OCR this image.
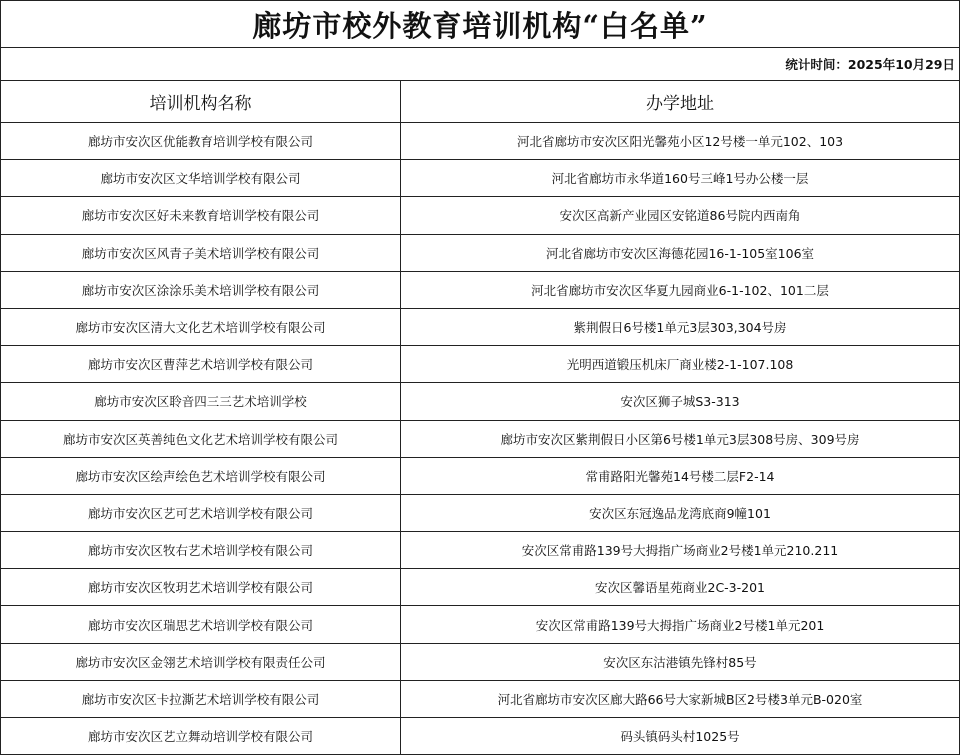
廊坊市校外教育培训机构“白名单”	
统计时间：2025年10月29日	
培训机构名称	办学地址
廊坊市安次区优能教育培训学校有限公司	河北省廊坊市安次区阳光馨苑小区12号楼一单元102、103
廊坊市安次区文华培训学校有限公司	河北省廊坊市永华道160号三峰1号办公楼一层
廊坊市安次区好未来教育培训学校有限公司	安次区高新产业园区安铭道86号院内西南角
廊坊市安次区风青子美术培训学校有限公司	河北省廊坊市安次区海德花园16-1-105室106室
廊坊市安次区涂涂乐美术培训学校有限公司	河北省廊坊市安次区华夏九园商业6-1-102、101二层
廊坊市安次区清大文化艺术培训学校有限公司	紫荆假日6号楼1单元3层303,304号房
廊坊市安次区曹萍艺术培训学校有限公司	光明西道锻压机床厂商业楼2-1-107.108
廊坊市安次区聆音四三三艺术培训学校	安次区狮子城S3-313
廊坊市安次区英善纯色文化艺术培训学校有限公司	廊坊市安次区紫荆假日小区第6号楼1单元3层308号房、309号房
廊坊市安次区绘声绘色艺术培训学校有限公司	常甫路阳光馨苑14号楼二层F2-14
廊坊市安次区艺可艺术培训学校有限公司	安次区东冠逸品龙湾底商9幢101
廊坊市安次区牧右艺术培训学校有限公司	安次区常甫路139号大拇指广场商业2号楼1单元210.211
廊坊市安次区牧玥艺术培训学校有限公司	安次区馨语星苑商业2C-3-201
廊坊市安次区瑞思艺术培训学校有限公司	安次区常甫路139号大拇指广场商业2号楼1单元201
廊坊市安次区金翎艺术培训学校有限责任公司	安次区东沽港镇先锋村85号
廊坊市安次区卡拉澌艺术培训学校有限公司	河北省廊坊市安次区廊大路66号大家新城B区2号楼3单元B-020室
廊坊市安次区艺立舞动培训学校有限公司	码头镇码头村1025号
